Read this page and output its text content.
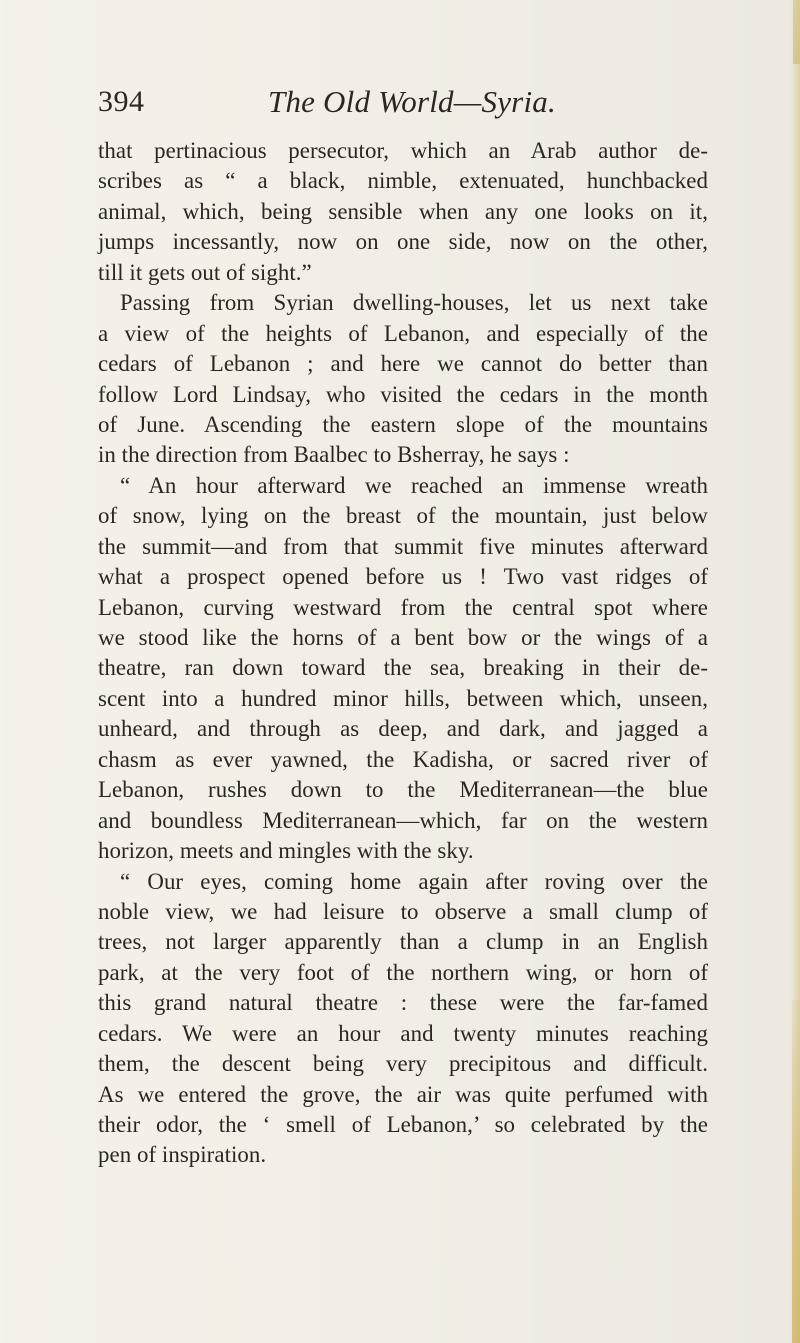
394	The Old World—Syria.
that pertinacious persecutor, which an Arab author de-
scribes as “ a black, nimble, extenuated, hunchbacked
animal, which, being sensible when any one looks on it,
jumps incessantly, now on one side, now on the other,
till it gets out of sight.”
Passing from Syrian dwelling-houses, let us next take
a view of the heights of Lebanon, and especially of the
cedars of Lebanon ; and here we cannot do better than
follow Lord Lindsay, who visited the cedars in the month
of June. Ascending the eastern slope of the mountains
in the direction from Baalbec to Bsherray, he says :
“ An hour afterward we reached an immense wreath
of snow, lying on the breast of the mountain, just below
the summit—and from that summit five minutes afterward
what a prospect opened before us ! Two vast ridges of
Lebanon, curving westward from the central spot where
we stood like the horns of a bent bow or the wings of a
theatre, ran down toward the sea, breaking in their de-
scent into a hundred minor hills, between which, unseen,
unheard, and through as deep, and dark, and jagged a
chasm as ever yawned, the Kadisha, or sacred river of
Lebanon, rushes down to the Mediterranean—the blue
and boundless Mediterranean—which, far on the western
horizon, meets and mingles with the sky.
“ Our eyes, coming home again after roving over the
noble view, we had leisure to observe a small clump of
trees, not larger apparently than a clump in an English
park, at the very foot of the northern wing, or horn of
this grand natural theatre : these were the far-famed
cedars. We were an hour and twenty minutes reaching
them, the descent being very precipitous and difficult.
As we entered the grove, the air was quite perfumed with
their odor, the ‘ smell of Lebanon,’ so celebrated by the
pen of inspiration.
